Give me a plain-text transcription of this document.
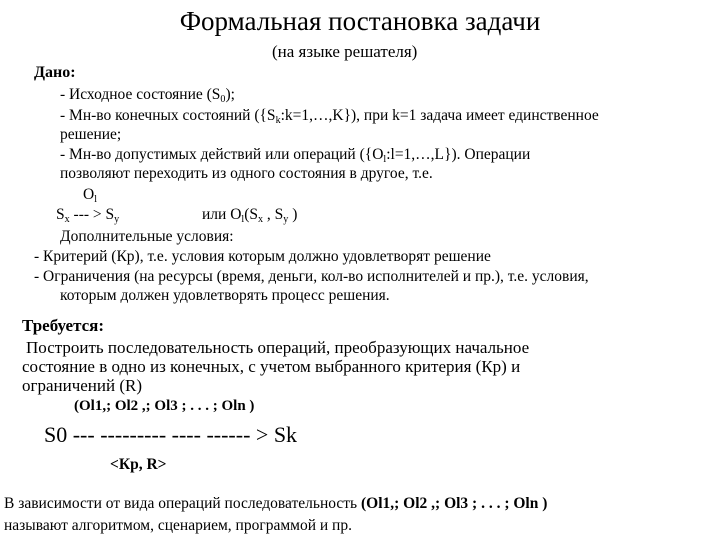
Формальная постановка задачи
(на языке решателя)
Дано:
- Исходное состояние $(S_0)$;
- Мн-во конечных состояний $(\{S_k:k=1,\dots,K\})$, при k=1 задача имеет единственное
решение;
- Мн-во допустимых действий или операций $(\{O_l:l=1,\dots,L\})$. Операции
позволяют переходить из одного состояния в другое, т.е.
$O_l$
$S_x$ --- > $S_y$	или $O_l(S_x$ , $S_y$ )
Дополнительные условия:
- Критерий (Кр), т.е. условия которым должно удовлетворят решение
- Ограничения (на ресурсы (время, деньги, кол-во исполнителей и пр.), т.е. условия,
которым должен удовлетворять процесс решения.
Требуется:
Построить последовательность операций, преобразующих начальное
состояние в одно из конечных, с учетом выбранного критерия (Кр) и
ограничений (R)
(Ol1,; Ol2 ,; Ol3 ; . . . ; Oln )
S0 --- --------- ---- ------ > Sk
<Кр, R>
В зависимости от вида операций последовательность (Ol1,; Ol2 ,; Ol3 ; . . . ; Oln )
называют алгоритмом, сценарием, программой и пр.
